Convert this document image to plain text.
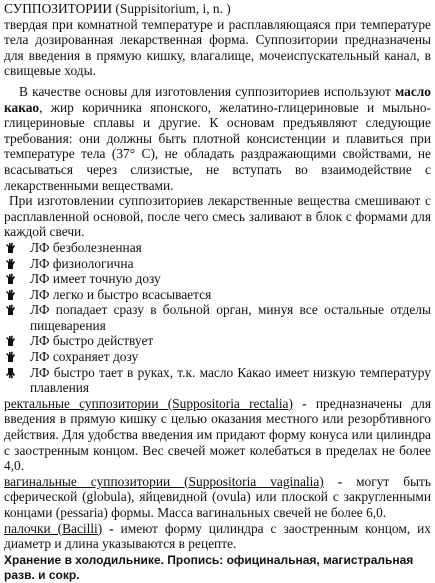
СУППОЗИТОРИИ (Suppisitorium, i, n. )

твердая при комнатной температуре и расплавляющаяся при температуре тела дозированная лекарственная форма. Суппозитории предназначены для введения в прямую кишку, влагалище, мочеиспускательный канал, в свищевые ходы.

В качестве основы для изготовления суппозиториев используют масло какао, жир коричника японского, желатино-глицериновые и мыльно-глицериновые сплавы и другие. К основам предъявляют следующие требования: они должны быть плотной консистенции и плавиться при температуре тела (37° С), не обладать раздражающими свойствами, не всасываться через слизистые, не вступать во взаимодействие с лекарственными веществами.

При изготовлении суппозиториев лекарственные вещества смешивают с расплавленной основой, после чего смесь заливают в блок с формами для каждой свечи.

ЛФ безболезненная
ЛФ физиологична
ЛФ имеет точную дозу
ЛФ легко и быстро всасывается
ЛФ попадает сразу в больной орган, минуя все остальные отделы пищеварения
ЛФ быстро действует
ЛФ сохраняет дозу
ЛФ быстро тает в руках, т.к. масло Какао имеет низкую температуру плавления

ректальные суппозитории (Suppositoria rectalia) - предназначены для введения в прямую кишку с целью оказания местного или резорбтивного действия. Для удобства введения им придают форму конуса или цилиндра с заостренным концом. Вес свечей может колебаться в пределах не более 4,0.

вагинальные суппозитории (Suppositoria vaginalia) - могут быть сферической (globula), яйцевидной (ovula) или плоской с закругленными концами (pessaria) формы. Масса вагинальных свечей не более 6,0.

палочки (Bacilli) - имеют форму цилиндра с заостренным концом, их диаметр и длина указываются в рецепте.

Хранение в холодильнике. Пропись: официнальная, магистральная разв. и сокр.
